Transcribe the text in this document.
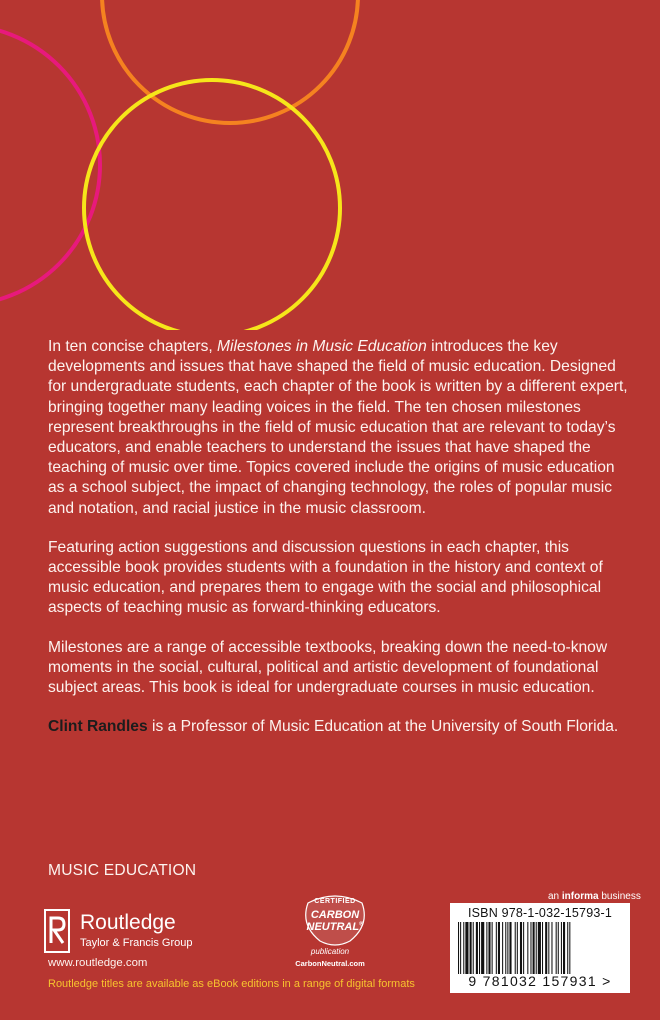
In ten concise chapters, Milestones in Music Education introduces the key developments and issues that have shaped the field of music education. Designed for undergraduate students, each chapter of the book is written by a different expert, bringing together many leading voices in the field. The ten chosen milestones represent breakthroughs in the field of music education that are relevant to today’s educators, and enable teachers to understand the issues that have shaped the teaching of music over time. Topics covered include the origins of music education as a school subject, the impact of changing technology, the roles of popular music and notation, and racial justice in the music classroom.

Featuring action suggestions and discussion questions in each chapter, this accessible book provides students with a foundation in the history and context of music education, and prepares them to engage with the social and philosophical aspects of teaching music as forward-thinking educators.

Milestones are a range of accessible textbooks, breaking down the need-to-know moments in the social, cultural, political and artistic development of foundational subject areas. This book is ideal for undergraduate courses in music education.

Clint Randles is a Professor of Music Education at the University of South Florida.

MUSIC EDUCATION
Routledge
Taylor & Francis Group
www.routledge.com
Routledge titles are available as eBook editions in a range of digital formats
CERTIFIED
CARBON
NEUTRAL®
publication
CarbonNeutral.com
an informa business
ISBN 978-1-032-15793-1
9 781032 157931 >
